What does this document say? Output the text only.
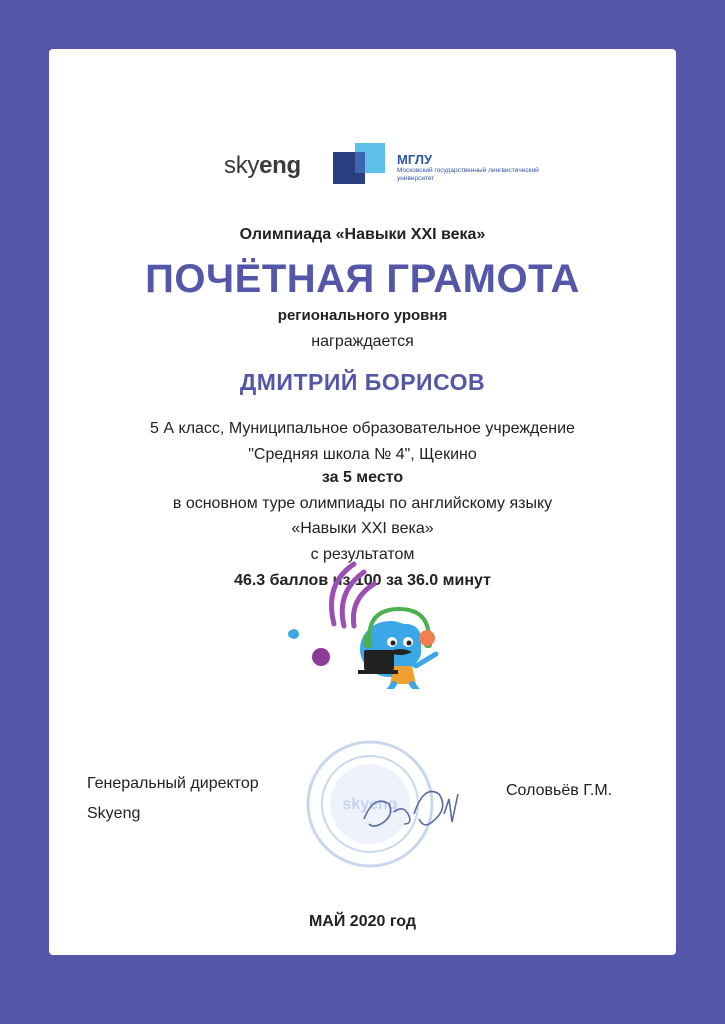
skyeng	МГЛУ
Московский государственный лингвистический университет
Олимпиада «Навыки XXI века»
ПОЧЁТНАЯ ГРАМОТА
регионального уровня
награждается
ДМИТРИЙ БОРИСОВ
5 А класс, Муниципальное образовательное учреждение "Средняя школа № 4", Щекино
за 5 место
в основном туре олимпиады по английскому языку
«Навыки XXI века»
с результатом
46.3 баллов из 100 за 36.0 минут
Генеральный директор
Skyeng
skyeng
Соловьёв Г.М.
МАЙ 2020 год
